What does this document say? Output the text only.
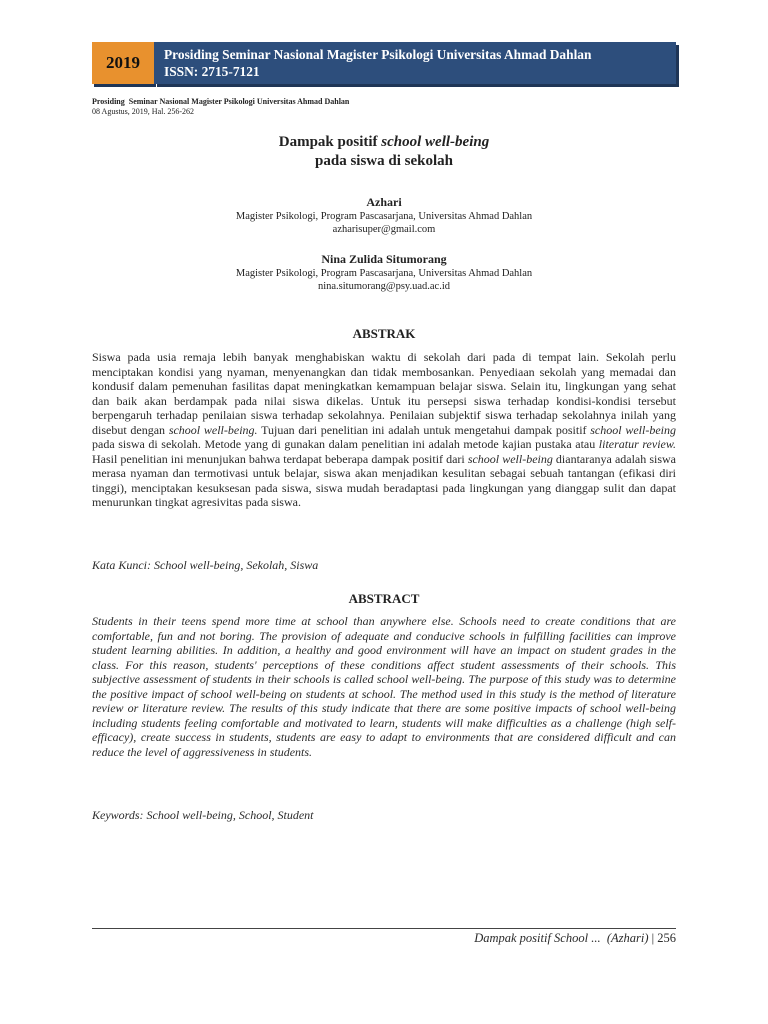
2019	Prosiding Seminar Nasional Magister Psikologi Universitas Ahmad Dahlan
ISSN: 2715-7121
Prosiding  Seminar Nasional Magister Psikologi Universitas Ahmad Dahlan
08 Agustus, 2019, Hal. 256-262
Dampak positif school well-being
pada siswa di sekolah
Azhari
Magister Psikologi, Program Pascasarjana, Universitas Ahmad Dahlan
azharisuper@gmail.com
Nina Zulida Situmorang
Magister Psikologi, Program Pascasarjana, Universitas Ahmad Dahlan
nina.situmorang@psy.uad.ac.id
ABSTRAK
Siswa pada usia remaja lebih banyak menghabiskan waktu di sekolah dari pada di tempat lain. Sekolah perlu menciptakan kondisi yang nyaman, menyenangkan dan tidak membosankan. Penyediaan sekolah yang memadai dan kondusif dalam pemenuhan fasilitas dapat meningkatkan kemampuan belajar siswa. Selain itu, lingkungan yang sehat dan baik akan berdampak pada nilai siswa dikelas. Untuk itu persepsi siswa terhadap kondisi-kondisi tersebut berpengaruh terhadap penilaian siswa terhadap sekolahnya. Penilaian subjektif siswa terhadap sekolahnya inilah yang disebut dengan school well-being. Tujuan dari penelitian ini adalah untuk mengetahui dampak positif school well-being pada siswa di sekolah. Metode yang di gunakan dalam penelitian ini adalah metode kajian pustaka atau literatur review. Hasil penelitian ini menunjukan bahwa terdapat beberapa dampak positif dari school well-being diantaranya adalah siswa merasa nyaman dan termotivasi untuk belajar, siswa akan menjadikan kesulitan sebagai sebuah tantangan (efikasi diri tinggi), menciptakan kesuksesan pada siswa, siswa mudah beradaptasi pada lingkungan yang dianggap sulit dan dapat menurunkan tingkat agresivitas pada siswa.
Kata Kunci: School well-being, Sekolah, Siswa
ABSTRACT
Students in their teens spend more time at school than anywhere else. Schools need to create conditions that are comfortable, fun and not boring. The provision of adequate and conducive schools in fulfilling facilities can improve student learning abilities. In addition, a healthy and good environment will have an impact on student grades in the class. For this reason, students' perceptions of these conditions affect student assessments of their schools. This subjective assessment of students in their schools is called school well-being. The purpose of this study was to determine the positive impact of school well-being on students at school. The method used in this study is the method of literature review or literature review. The results of this study indicate that there are some positive impacts of school well-being including students feeling comfortable and motivated to learn, students will make difficulties as a challenge (high self-efficacy), create success in students, students are easy to adapt to environments that are considered difficult and can reduce the level of aggressiveness in students.
Keywords: School well-being, School, Student
Dampak positif School ...  (Azhari) | 256
